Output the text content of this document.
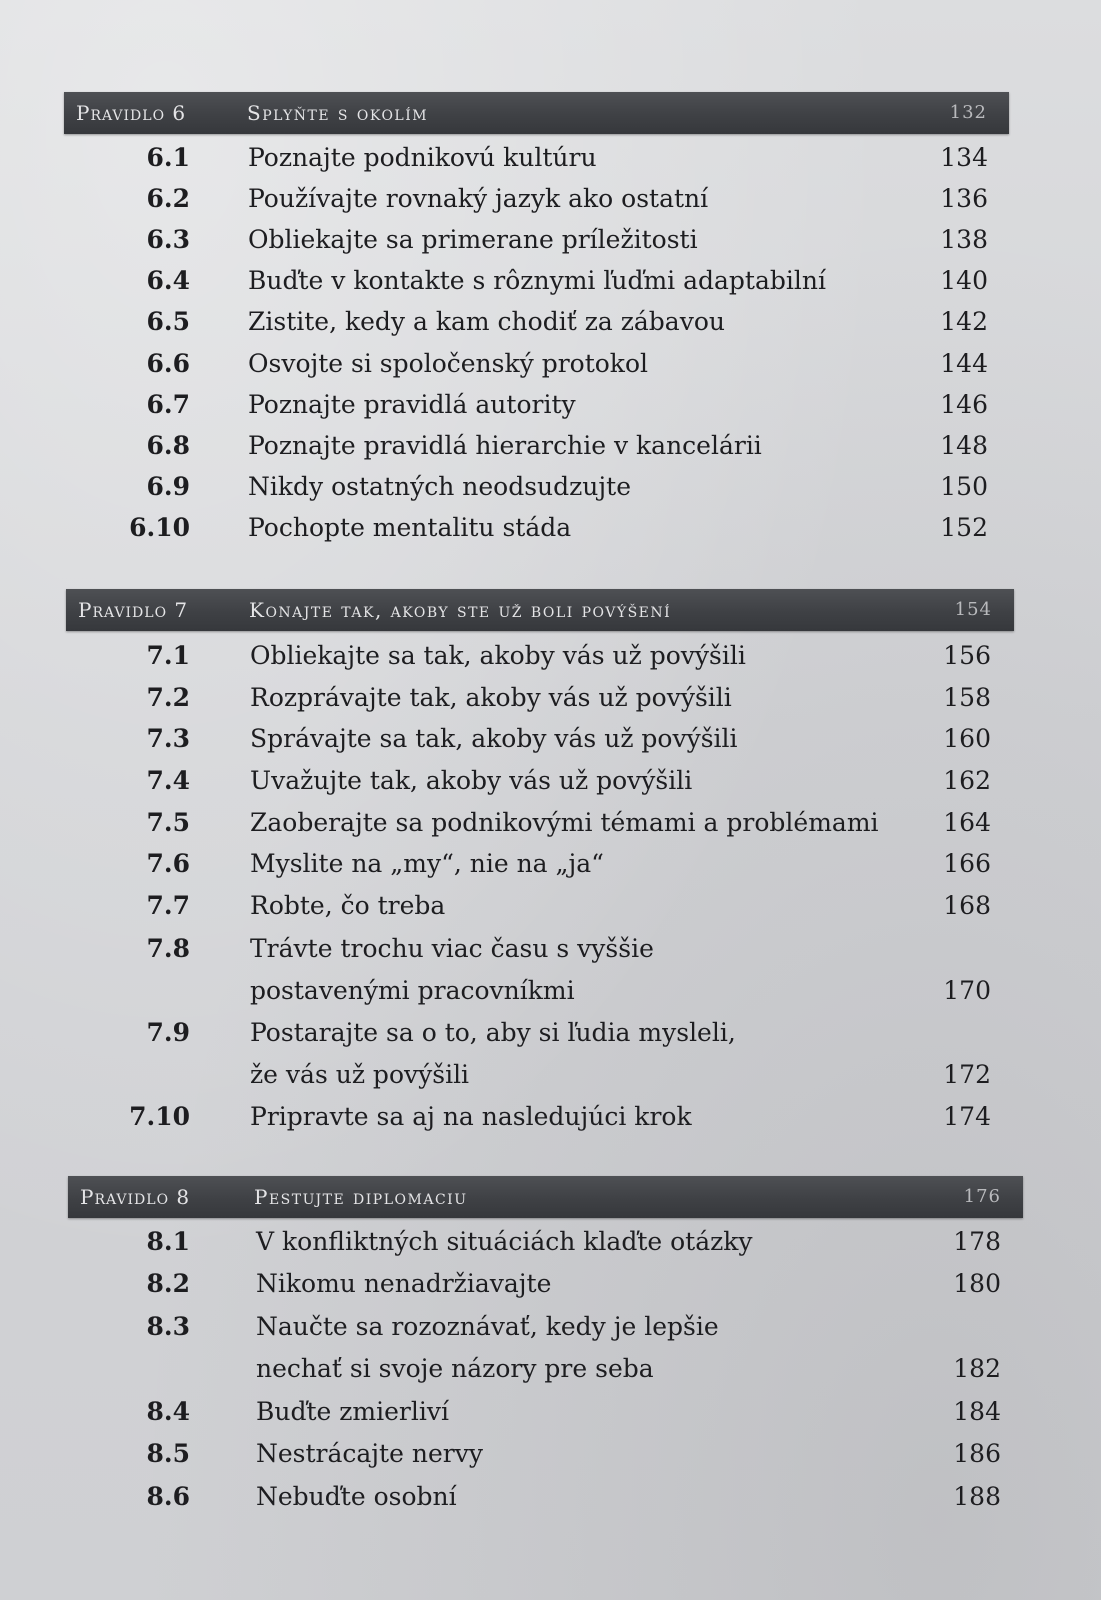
Pravidlo 6	Splyňte s okolím	132
6.1 Poznajte podnikovú kultúru	134
6.2 Používajte rovnaký jazyk ako ostatní	136
6.3 Obliekajte sa primerane príležitosti	138
6.4 Buďte v kontakte s rôznymi ľuďmi adaptabilní	140
6.5 Zistite, kedy a kam chodiť za zábavou	142
6.6 Osvojte si spoločenský protokol	144
6.7 Poznajte pravidlá autority	146
6.8 Poznajte pravidlá hierarchie v kancelárii	148
6.9 Nikdy ostatných neodsudzujte	150
6.10 Pochopte mentalitu stáda	152
Pravidlo 7	Konajte tak, akoby ste už boli povýšení	154
7.1 Obliekajte sa tak, akoby vás už povýšili	156
7.2 Rozprávajte tak, akoby vás už povýšili	158
7.3 Správajte sa tak, akoby vás už povýšili	160
7.4 Uvažujte tak, akoby vás už povýšili	162
7.5 Zaoberajte sa podnikovými témami a problémami	164
7.6 Myslite na „my“, nie na „ja“	166
7.7 Robte, čo treba	168
7.8 Trávte trochu viac času s vyššie
postavenými pracovníkmi	170
7.9 Postarajte sa o to, aby si ľudia mysleli,
že vás už povýšili	172
7.10 Pripravte sa aj na nasledujúci krok	174
Pravidlo 8	Pestujte diplomaciu	176
8.1	V konfliktných situáciách klaďte otázky	178
8.2	Nikomu nenadržiavajte	180
8.3	Naučte sa rozoznávať, kedy je lepšie
nechať si svoje názory pre seba	182
8.4	Buďte zmierliví	184
8.5	Nestrácajte nervy	186
8.6	Nebuďte osobní	188
